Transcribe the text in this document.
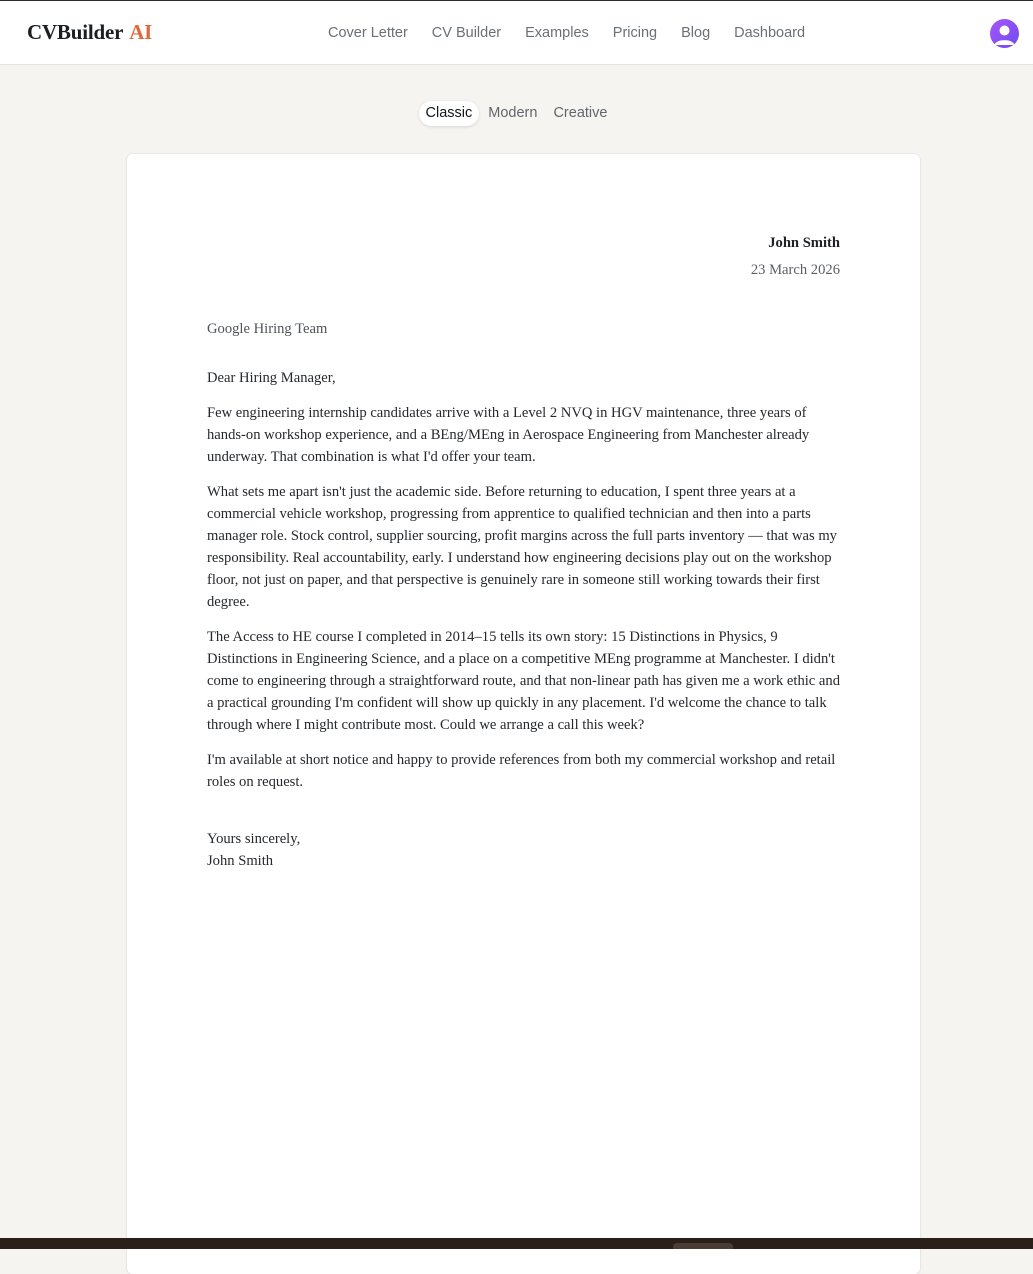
CVBuilder AI	Cover Letter	CV Builder	Examples	Pricing	Blog	Dashboard
Classic	Modern	Creative
John Smith
23 March 2026
Google Hiring Team
Dear Hiring Manager,

Few engineering internship candidates arrive with a Level 2 NVQ in HGV maintenance, three years of hands-on workshop experience, and a BEng/MEng in Aerospace Engineering from Manchester already underway. That combination is what I'd offer your team.

What sets me apart isn't just the academic side. Before returning to education, I spent three years at a commercial vehicle workshop, progressing from apprentice to qualified technician and then into a parts manager role. Stock control, supplier sourcing, profit margins across the full parts inventory — that was my responsibility. Real accountability, early. I understand how engineering decisions play out on the workshop floor, not just on paper, and that perspective is genuinely rare in someone still working towards their first degree.

The Access to HE course I completed in 2014–15 tells its own story: 15 Distinctions in Physics, 9 Distinctions in Engineering Science, and a place on a competitive MEng programme at Manchester. I didn't come to engineering through a straightforward route, and that non-linear path has given me a work ethic and a practical grounding I'm confident will show up quickly in any placement. I'd welcome the chance to talk through where I might contribute most. Could we arrange a call this week?

I'm available at short notice and happy to provide references from both my commercial workshop and retail roles on request.

Yours sincerely,
John Smith
